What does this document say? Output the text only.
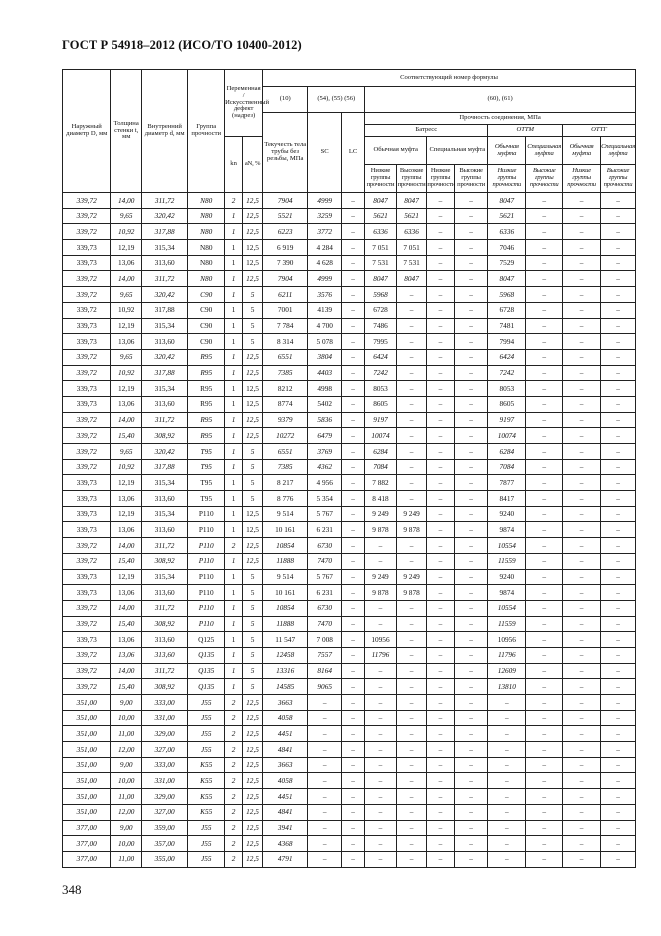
ГОСТ Р 54918–2012 (ИСО/ТО 10400-2012)
Наружный диаметр D, мм	Толщина стенки t, мм	Внутренний диаметр d, мм	Группа прочности	Переменная /Искусственный дефект (надрез)		Соответствующий номер формулы										
						(10)	(54), (55) (56)		(60), (61)							
						Текучесть тела трубы без резьбы, МПа	SC	LC	Прочность соединения, МПа							
									Батресс				ОТТМ		ОТТГ	
				kn	aN, %				Обычная муфта		Специальная муфта		Обычная муфта	Специальная муфта	Обычная муфта	Специальная муфта
									Низкие группы прочности	Высокие группы прочности	Низкие группы прочности	Высокие группы прочности	Низкие группы прочности	Высокие группы прочности	Низкие группы прочности	Высокие группы прочности
339,72	14,00	311,72	N80	2	12,5	7904	4999	–	8047	8047	–	–	8047	–	–	–
339,72	9,65	320,42	N80	1	12,5	5521	3259	–	5621	5621	–	–	5621	–	–	–
339,72	10,92	317,88	N80	1	12,5	6223	3772	–	6336	6336	–	–	6336	–	–	–
339,73	12,19	315,34	N80	1	12,5	6 919	4 284	–	7 051	7 051	–	–	7046	–	–	–
339,73	13,06	313,60	N80	1	12,5	7 390	4 628	–	7 531	7 531	–	–	7529	–	–	–
339,72	14,00	311,72	N80	1	12,5	7904	4999	–	8047	8047	–	–	8047	–	–	–
339,72	9,65	320,42	C90	1	5	6211	3576	–	5968	–	–	–	5968	–	–	–
339,72	10,92	317,88	C90	1	5	7001	4139	–	6728	–	–	–	6728	–	–	–
339,73	12,19	315,34	C90	1	5	7 784	4 700	–	7486	–	–	–	7481	–	–	–
339,73	13,06	313,60	C90	1	5	8 314	5 078	–	7995	–	–	–	7994	–	–	–
339,72	9,65	320,42	R95	1	12,5	6551	3804	–	6424	–	–	–	6424	–	–	–
339,72	10,92	317,88	R95	1	12,5	7385	4403	–	7242	–	–	–	7242	–	–	–
339,73	12,19	315,34	R95	1	12,5	8212	4998	–	8053	–	–	–	8053	–	–	–
339,73	13,06	313,60	R95	1	12,5	8774	5402	–	8605	–	–	–	8605	–	–	–
339,72	14,00	311,72	R95	1	12,5	9379	5836	–	9197	–	–	–	9197	–	–	–
339,72	15,40	308,92	R95	1	12,5	10272	6479	–	10074	–	–	–	10074	–	–	–
339,72	9,65	320,42	T95	1	5	6551	3769	–	6284	–	–	–	6284	–	–	–
339,72	10,92	317,88	T95	1	5	7385	4362	–	7084	–	–	–	7084	–	–	–
339,73	12,19	315,34	T95	1	5	8 217	4 956	–	7 882	–	–	–	7877	–	–	–
339,73	13,06	313,60	T95	1	5	8 776	5 354	–	8 418	–	–	–	8417	–	–	–
339,73	12,19	315,34	P110	1	12,5	9 514	5 767	–	9 249	9 249	–	–	9240	–	–	–
339,73	13,06	313,60	P110	1	12,5	10 161	6 231	–	9 878	9 878	–	–	9874	–	–	–
339,72	14,00	311,72	P110	2	12,5	10854	6730	–	–	–	–	–	10554	–	–	–
339,72	15,40	308,92	P110	1	12,5	11888	7470	–	–	–	–	–	11559	–	–	–
339,73	12,19	315,34	P110	1	5	9 514	5 767	–	9 249	9 249	–	–	9240	–	–	–
339,73	13,06	313,60	P110	1	5	10 161	6 231	–	9 878	9 878	–	–	9874	–	–	–
339,72	14,00	311,72	P110	1	5	10854	6730	–	–	–	–	–	10554	–	–	–
339,72	15,40	308,92	P110	1	5	11888	7470	–	–	–	–	–	11559	–	–	–
339,73	13,06	313,60	Q125	1	5	11 547	7 008	–	10956	–	–	–	10956	–	–	–
339,72	13,06	313,60	Q135	1	5	12458	7557	–	11796	–	–	–	11796	–	–	–
339,72	14,00	311,72	Q135	1	5	13316	8164	–	–	–	–	–	12609	–	–	–
339,72	15,40	308,92	Q135	1	5	14585	9065	–	–	–	–	–	13810	–	–	–
351,00	9,00	333,00	J55	2	12,5	3663	–	–	–	–	–	–	–	–	–	–
351,00	10,00	331,00	J55	2	12,5	4058	–	–	–	–	–	–	–	–	–	–
351,00	11,00	329,00	J55	2	12,5	4451	–	–	–	–	–	–	–	–	–	–
351,00	12,00	327,00	J55	2	12,5	4841	–	–	–	–	–	–	–	–	–	–
351,00	9,00	333,00	K55	2	12,5	3663	–	–	–	–	–	–	–	–	–	–
351,00	10,00	331,00	K55	2	12,5	4058	–	–	–	–	–	–	–	–	–	–
351,00	11,00	329,00	K55	2	12,5	4451	–	–	–	–	–	–	–	–	–	–
351,00	12,00	327,00	K55	2	12,5	4841	–	–	–	–	–	–	–	–	–	–
377,00	9,00	359,00	J55	2	12,5	3941	–	–	–	–	–	–	–	–	–	–
377,00	10,00	357,00	J55	2	12,5	4368	–	–	–	–	–	–	–	–	–	–
377,00	11,00	355,00	J55	2	12,5	4791	–	–	–	–	–	–	–	–	–	–
348
